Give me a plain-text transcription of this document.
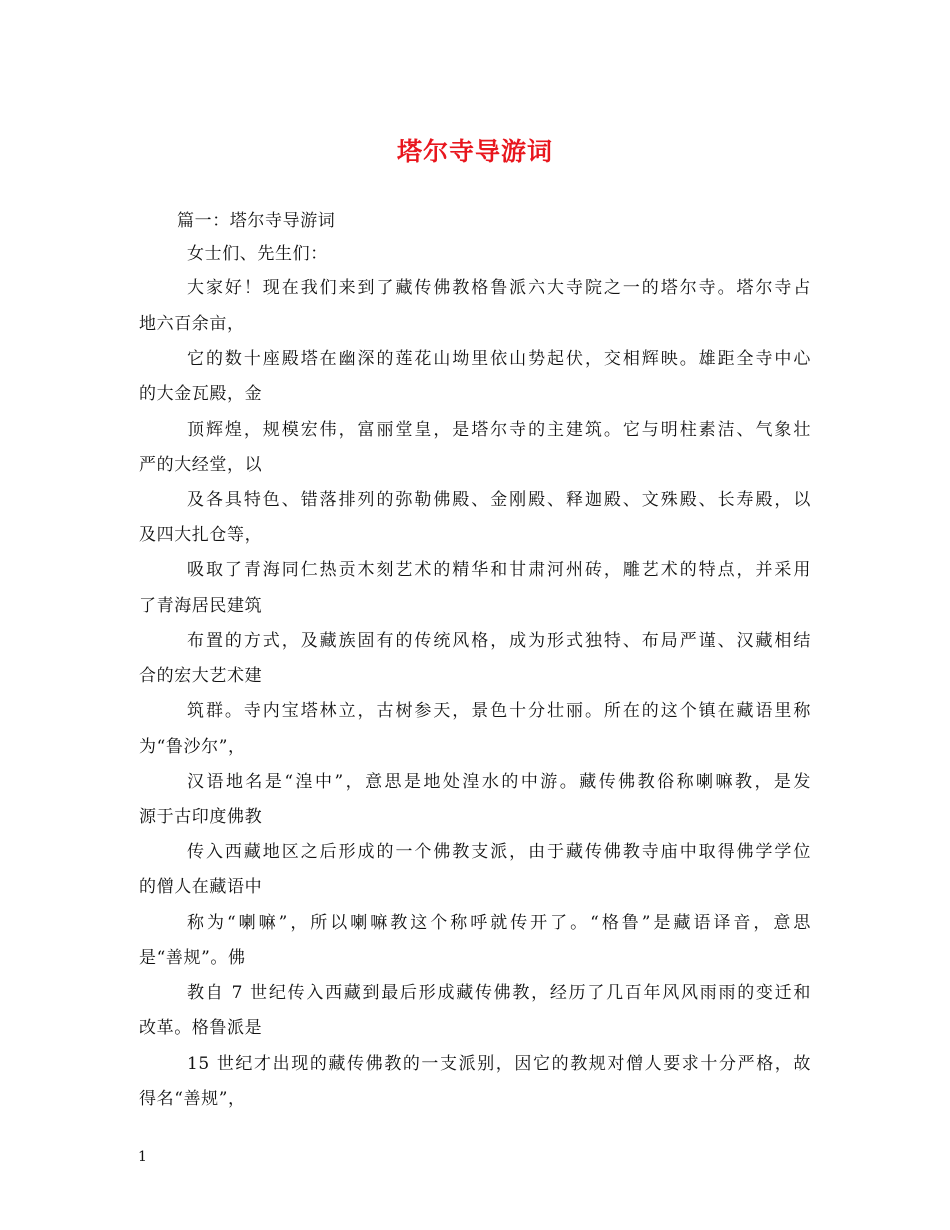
塔尔寺导游词
篇一：塔尔寺导游词
女士们、先生们：
大家好！现在我们来到了藏传佛教格鲁派六大寺院之一的塔尔寺。塔尔寺占
地六百余亩，
它的数十座殿塔在幽深的莲花山坳里依山势起伏，交相辉映。雄距全寺中心
的大金瓦殿，金
顶辉煌，规模宏伟，富丽堂皇，是塔尔寺的主建筑。它与明柱素洁、气象壮
严的大经堂，以
及各具特色、错落排列的弥勒佛殿、金刚殿、释迦殿、文殊殿、长寿殿，以
及四大扎仓等，
吸取了青海同仁热贡木刻艺术的精华和甘肃河州砖，雕艺术的特点，并采用
了青海居民建筑
布置的方式，及藏族固有的传统风格，成为形式独特、布局严谨、汉藏相结
合的宏大艺术建
筑群。寺内宝塔林立，古树参天，景色十分壮丽。所在的这个镇在藏语里称
为“鲁沙尔”，
汉语地名是“湟中”，意思是地处湟水的中游。藏传佛教俗称喇嘛教，是发
源于古印度佛教
传入西藏地区之后形成的一个佛教支派，由于藏传佛教寺庙中取得佛学学位
的僧人在藏语中
称为“喇嘛”，所以喇嘛教这个称呼就传开了。“格鲁”是藏语译音，意思
是“善规”。佛
教自 7 世纪传入西藏到最后形成藏传佛教，经历了几百年风风雨雨的变迁和
改革。格鲁派是
15 世纪才出现的藏传佛教的一支派别，因它的教规对僧人要求十分严格，故
得名“善规”，
1
